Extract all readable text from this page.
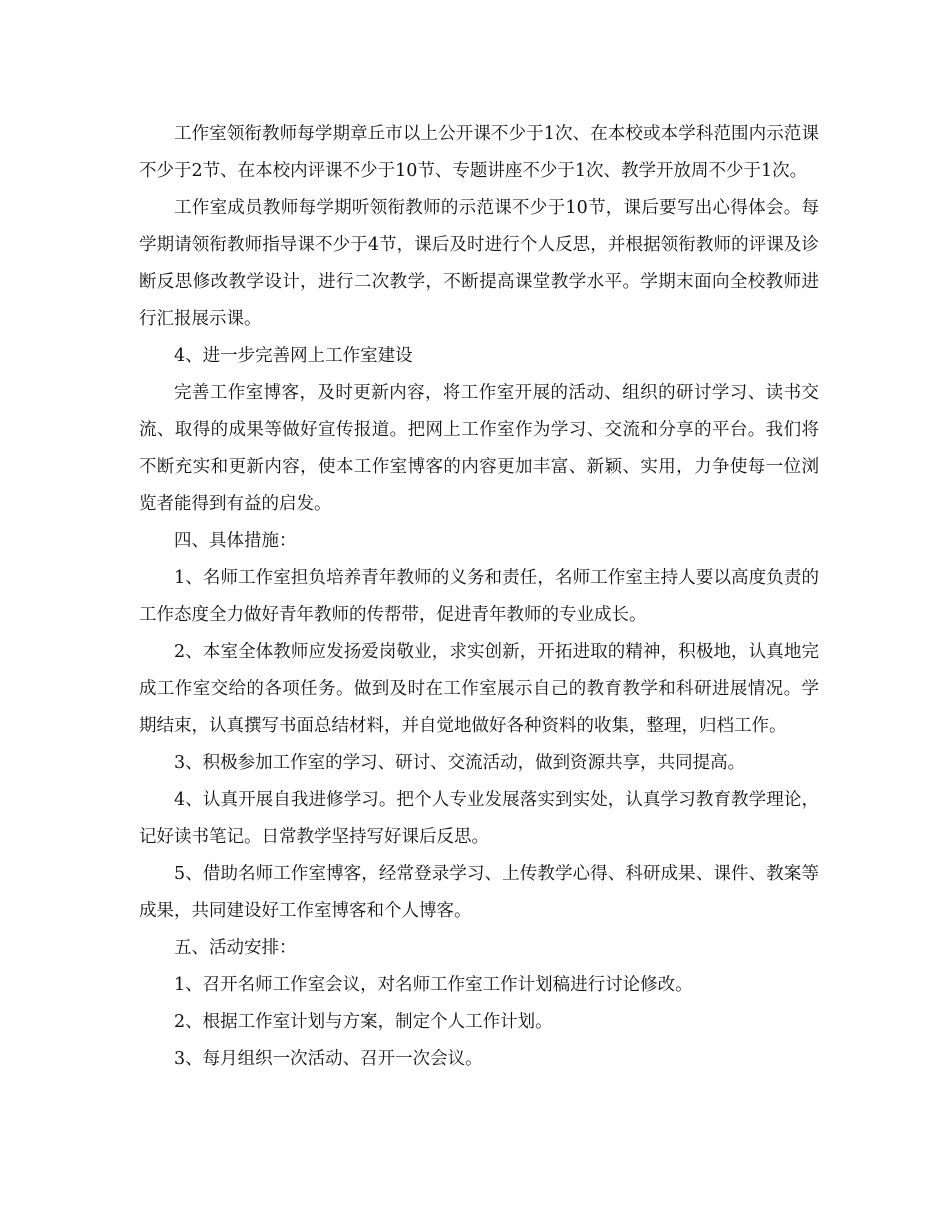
工作室领衔教师每学期章丘市以上公开课不少于1次、在本校或本学科范围内示范课不少于2节、在本校内评课不少于10节、专题讲座不少于1次、教学开放周不少于1次。

工作室成员教师每学期听领衔教师的示范课不少于10节，课后要写出心得体会。每学期请领衔教师指导课不少于4节，课后及时进行个人反思，并根据领衔教师的评课及诊断反思修改教学设计，进行二次教学，不断提高课堂教学水平。学期末面向全校教师进行汇报展示课。

4、进一步完善网上工作室建设

完善工作室博客，及时更新内容，将工作室开展的活动、组织的研讨学习、读书交流、取得的成果等做好宣传报道。把网上工作室作为学习、交流和分享的平台。我们将不断充实和更新内容，使本工作室博客的内容更加丰富、新颖、实用，力争使每一位浏览者能得到有益的启发。

四、具体措施：

1、名师工作室担负培养青年教师的义务和责任，名师工作室主持人要以高度负责的工作态度全力做好青年教师的传帮带，促进青年教师的专业成长。

2、本室全体教师应发扬爱岗敬业，求实创新，开拓进取的精神，积极地，认真地完成工作室交给的各项任务。做到及时在工作室展示自己的教育教学和科研进展情况。学期结束，认真撰写书面总结材料，并自觉地做好各种资料的收集，整理，归档工作。

3、积极参加工作室的学习、研讨、交流活动，做到资源共享，共同提高。

4、认真开展自我进修学习。把个人专业发展落实到实处，认真学习教育教学理论，记好读书笔记。日常教学坚持写好课后反思。

5、借助名师工作室博客，经常登录学习、上传教学心得、科研成果、课件、教案等成果，共同建设好工作室博客和个人博客。

五、活动安排：

1、召开名师工作室会议，对名师工作室工作计划稿进行讨论修改。

2、根据工作室计划与方案，制定个人工作计划。

3、每月组织一次活动、召开一次会议。
